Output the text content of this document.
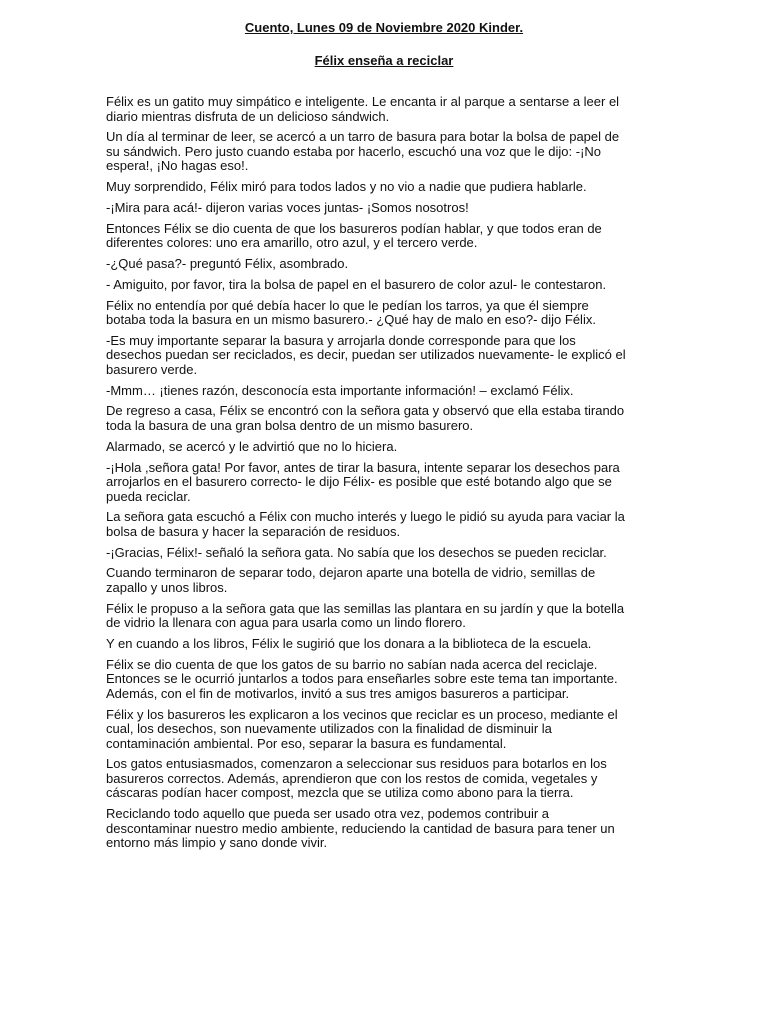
Cuento, Lunes 09 de Noviembre 2020 Kinder.
Félix enseña a reciclar

Félix es un gatito muy simpático e inteligente. Le encanta ir al parque a sentarse a leer el
diario mientras disfruta de un delicioso sándwich.

Un día al terminar de leer, se acercó a un tarro de basura para botar la bolsa de papel de
su sándwich. Pero justo cuando estaba por hacerlo, escuchó una voz que le dijo: -¡No
espera!, ¡No hagas eso!.

Muy sorprendido, Félix miró para todos lados y no vio a nadie que pudiera hablarle.

-¡Mira para acá!- dijeron varias voces juntas- ¡Somos nosotros!

Entonces Félix se dio cuenta de que los basureros podían hablar, y que todos eran de
diferentes colores: uno era amarillo, otro azul, y el tercero verde.

-¿Qué pasa?- preguntó Félix, asombrado.

- Amiguito, por favor, tira la bolsa de papel en el basurero de color azul- le contestaron.

Félix no entendía por qué debía hacer lo que le pedían los tarros, ya que él siempre
botaba toda la basura en un mismo basurero.- ¿Qué hay de malo en eso?- dijo Félix.

-Es muy importante separar la basura y arrojarla donde corresponde para que los
desechos puedan ser reciclados, es decir, puedan ser utilizados nuevamente- le explicó el
basurero verde.

-Mmm… ¡tienes razón, desconocía esta importante información! – exclamó Félix.

De regreso a casa, Félix se encontró con la señora gata y observó que ella estaba tirando
toda la basura de una gran bolsa dentro de un mismo basurero.

Alarmado, se acercó y le advirtió que no lo hiciera.

-¡Hola ,señora gata! Por favor, antes de tirar la basura, intente separar los desechos para
arrojarlos en el basurero correcto- le dijo Félix- es posible que esté botando algo que se
pueda reciclar.

La señora gata escuchó a Félix con mucho interés y luego le pidió su ayuda para vaciar la
bolsa de basura y hacer la separación de residuos.

-¡Gracias, Félix!- señaló la señora gata. No sabía que los desechos se pueden reciclar.

Cuando terminaron de separar todo, dejaron aparte una botella de vidrio, semillas de
zapallo y unos libros.

Félix le propuso a la señora gata que las semillas las plantara en su jardín y que la botella
de vidrio la llenara con agua para usarla como un lindo florero.

Y en cuando a los libros, Félix le sugirió que los donara a la biblioteca de la escuela.

Félix se dio cuenta de que los gatos de su barrio no sabían nada acerca del reciclaje.
Entonces se le ocurrió juntarlos a todos para enseñarles sobre este tema tan importante.
Además, con el fin de motivarlos, invitó a sus tres amigos basureros a participar.

Félix y los basureros les explicaron a los vecinos que reciclar es un proceso, mediante el
cual, los desechos, son nuevamente utilizados con la finalidad de disminuir la
contaminación ambiental. Por eso, separar la basura es fundamental.

Los gatos entusiasmados, comenzaron a seleccionar sus residuos para botarlos en los
basureros correctos. Además, aprendieron que con los restos de comida, vegetales y
cáscaras podían hacer compost, mezcla que se utiliza como abono para la tierra.

Reciclando todo aquello que pueda ser usado otra vez, podemos contribuir a
descontaminar nuestro medio ambiente, reduciendo la cantidad de basura para tener un
entorno más limpio y sano donde vivir.
